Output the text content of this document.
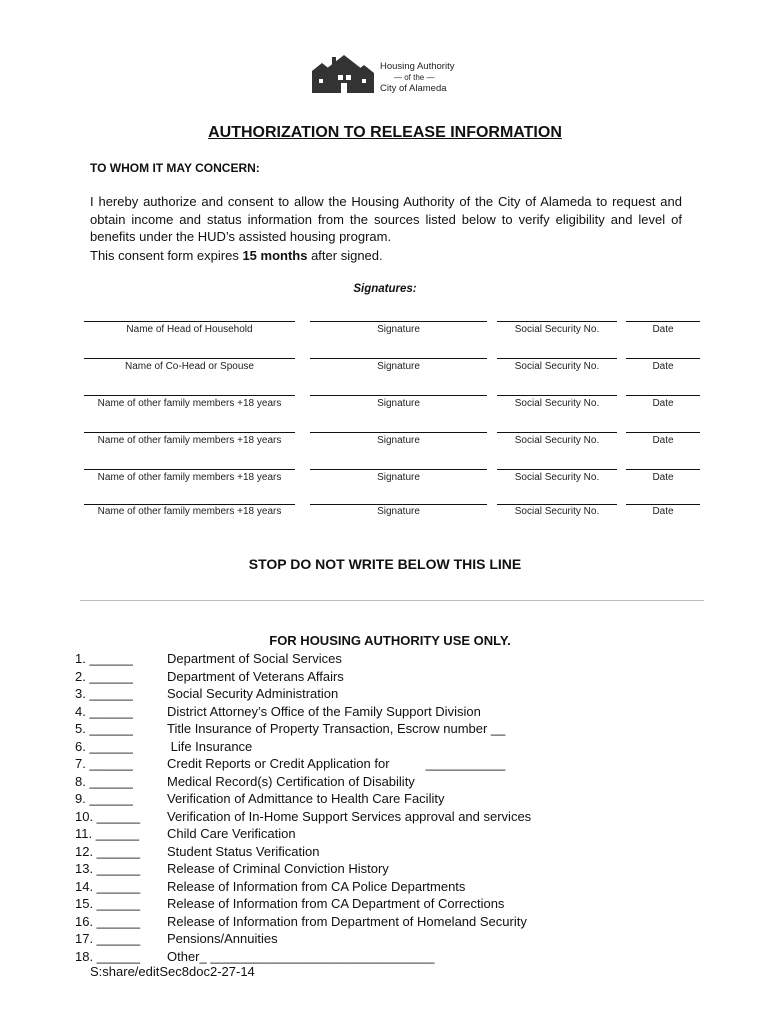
Housing Authority
— of the —
City of Alameda
AUTHORIZATION TO RELEASE INFORMATION
TO WHOM IT MAY CONCERN:

I hereby authorize and consent to allow the Housing Authority of the City of Alameda to request and obtain income and status information from the sources listed below to verify eligibility and level of benefits under the HUD’s assisted housing program.

This consent form expires 15 months after signed.
Signatures:
Name of Head of Household	Signature	Social Security No.	Date
Name of Co-Head or Spouse	Signature	Social Security No.	Date
Name of other family members +18 years	Signature	Social Security No.	Date
Name of other family members +18 years	Signature	Social Security No.	Date
Name of other family members +18 years	Signature	Social Security No.	Date
Name of other family members +18 years	Signature	Social Security No.	Date
STOP DO NOT WRITE BELOW THIS LINE
FOR HOUSING AUTHORITY USE ONLY.
1. ______	Department of Social Services
2. ______	Department of Veterans Affairs
3. ______	Social Security Administration
4. ______	District Attorney’s Office of the Family Support Division
5. ______	Title Insurance of Property Transaction, Escrow number __
6. ______	Life Insurance
7. ______	Credit Reports or Credit Application for          ___________
8. ______	Medical Record(s) Certification of Disability
9. ______	Verification of Admittance to Health Care Facility
10. ______ Verification of In-Home Support Services approval and services
11. ______ Child Care Verification
12. ______ Student Status Verification
13. ______ Release of Criminal Conviction History
14. ______ Release of Information from CA Police Departments
15. ______ Release of Information from CA Department of Corrections
16. ______ Release of Information from Department of Homeland Security
17. ______ Pensions/Annuities
18. ______ Other_ _______________________________
S:share/editSec8doc2-27-14
